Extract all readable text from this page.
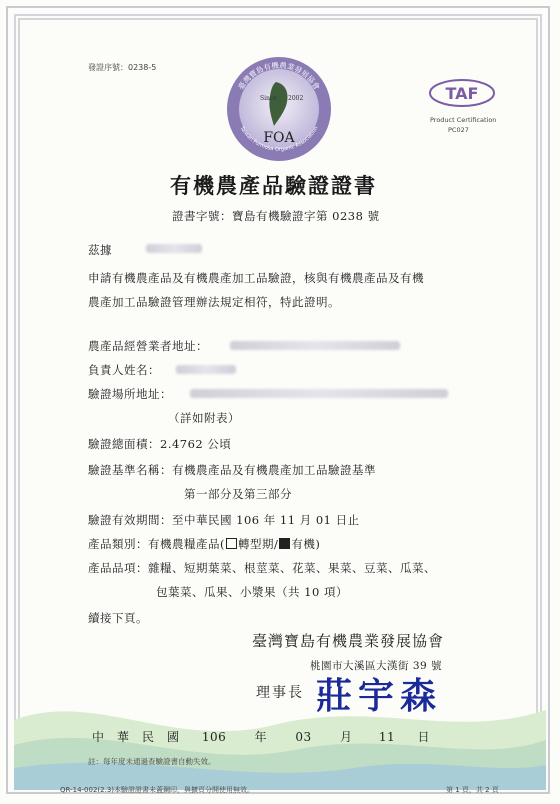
發證序號：0238-5
Since 2002
FOA
臺灣寶島有機農業發展協會
Taiwan Formosa Organic Association
TAF
Product Certification
PC027
有機農產品驗證證書
證書字號：寶島有機驗證字第 0238 號
茲據
申請有機農產品及有機農產加工品驗證，核與有機農產品及有機
農產加工品驗證管理辦法規定相符，特此證明。
農產品經營業者地址：
負責人姓名：
驗證場所地址：
（詳如附表）
驗證總面積：2.4762 公頃
驗證基準名稱：有機農產品及有機農產加工品驗證基準
第一部分及第三部分
驗證有效期間：至中華民國 106 年 11 月 01 日止
產品類別：有機農糧產品( 轉型期/ 有機)
產品品項：雜糧、短期葉菜、根莖菜、花菜、果菜、豆菜、瓜菜、
包葉菜、瓜果、小漿果（共 10 項）
續接下頁。
臺灣寶島有機農業發展協會
桃園市大溪區大漢街 39 號
理事長 莊宇森
中　華　民　國 106 年 03 月 11 日
註：每年度未通過查驗證書自動失效。
QR-14-002(2.3)本驗證證書未蓋鋼印，與擴頁分開使用無效。	第 1 頁，共 2 頁
